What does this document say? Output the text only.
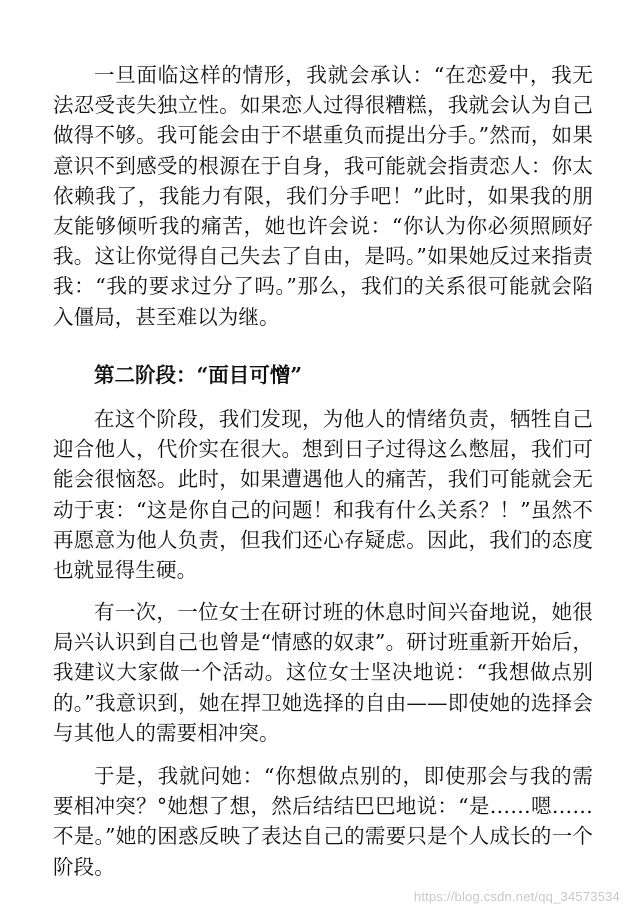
一旦面临这样的情形，我就会承认：“在恋爱中，我无法忍受丧失独立性。如果恋人过得很糟糕，我就会认为自己做得不够。我可能会由于不堪重负而提出分手。”然而，如果意识不到感受的根源在于自身，我可能就会指责恋人：你太依赖我了，我能力有限，我们分手吧！”此时，如果我的朋友能够倾听我的痛苦，她也许会说：“你认为你必须照顾好我。这让你觉得自己失去了自由，是吗。”如果她反过来指责我：“我的要求过分了吗。”那么，我们的关系很可能就会陷入僵局，甚至难以为继。

第二阶段：“面目可憎”

在这个阶段，我们发现，为他人的情绪负责，牺牲自己迎合他人，代价实在很大。想到日子过得这么憋屈，我们可能会很恼怒。此时，如果遭遇他人的痛苦，我们可能就会无动于衷：“这是你自己的问题！和我有什么关系？！”虽然不再愿意为他人负责，但我们还心存疑虑。因此，我们的态度也就显得生硬。

有一次，一位女士在研讨班的休息时间兴奋地说，她很局兴认识到自己也曾是“情感的奴隶”。研讨班重新开始后，我建议大家做一个活动。这位女士坚决地说：“我想做点别的。”我意识到，她在捍卫她选择的自由——即使她的选择会与其他人的需要相冲突。

于是，我就问她：“你想做点别的，即使那会与我的需要相冲突？°她想了想，然后结结巴巴地说：“是……嗯……不是。”她的困惑反映了表达自己的需要只是个人成长的一个阶段。

https://blog.csdn.net/qq_34573534
